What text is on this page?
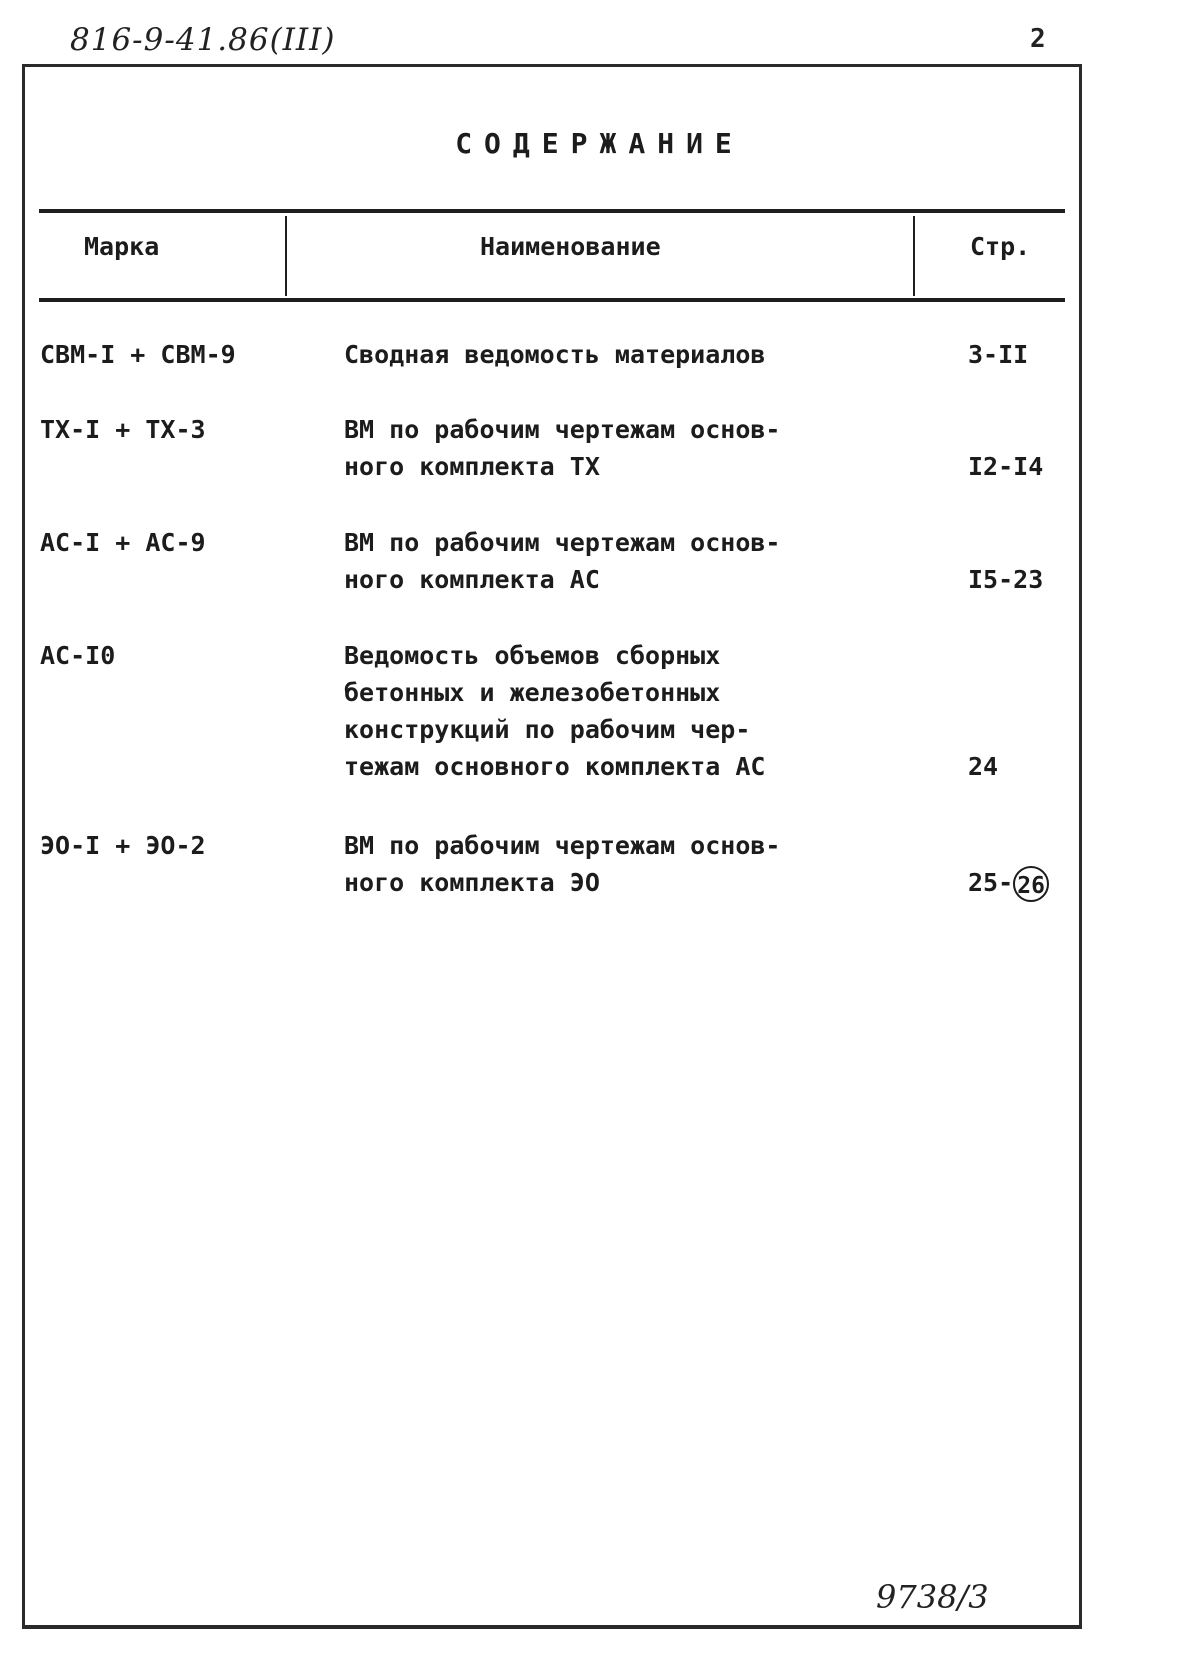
816-9-41.86(III)	2
СОДЕРЖАНИЕ
Марка	Наименование	Стр.
СВМ-I + СВМ-9	Сводная ведомость материалов	3-II
ТХ-I + ТХ-3	ВМ по рабочим чертежам основ-
ного комплекта ТХ	I2-I4
АС-I + АС-9	ВМ по рабочим чертежам основ-
ного комплекта АС	I5-23
АС-I0	Ведомость объемов сборных
бетонных и железобетонных
конструкций по рабочим чер-
тежам основного комплекта АС	24
ЭО-I + ЭО-2	ВМ по рабочим чертежам основ-
ного комплекта ЭО	25- 26
9738/3
